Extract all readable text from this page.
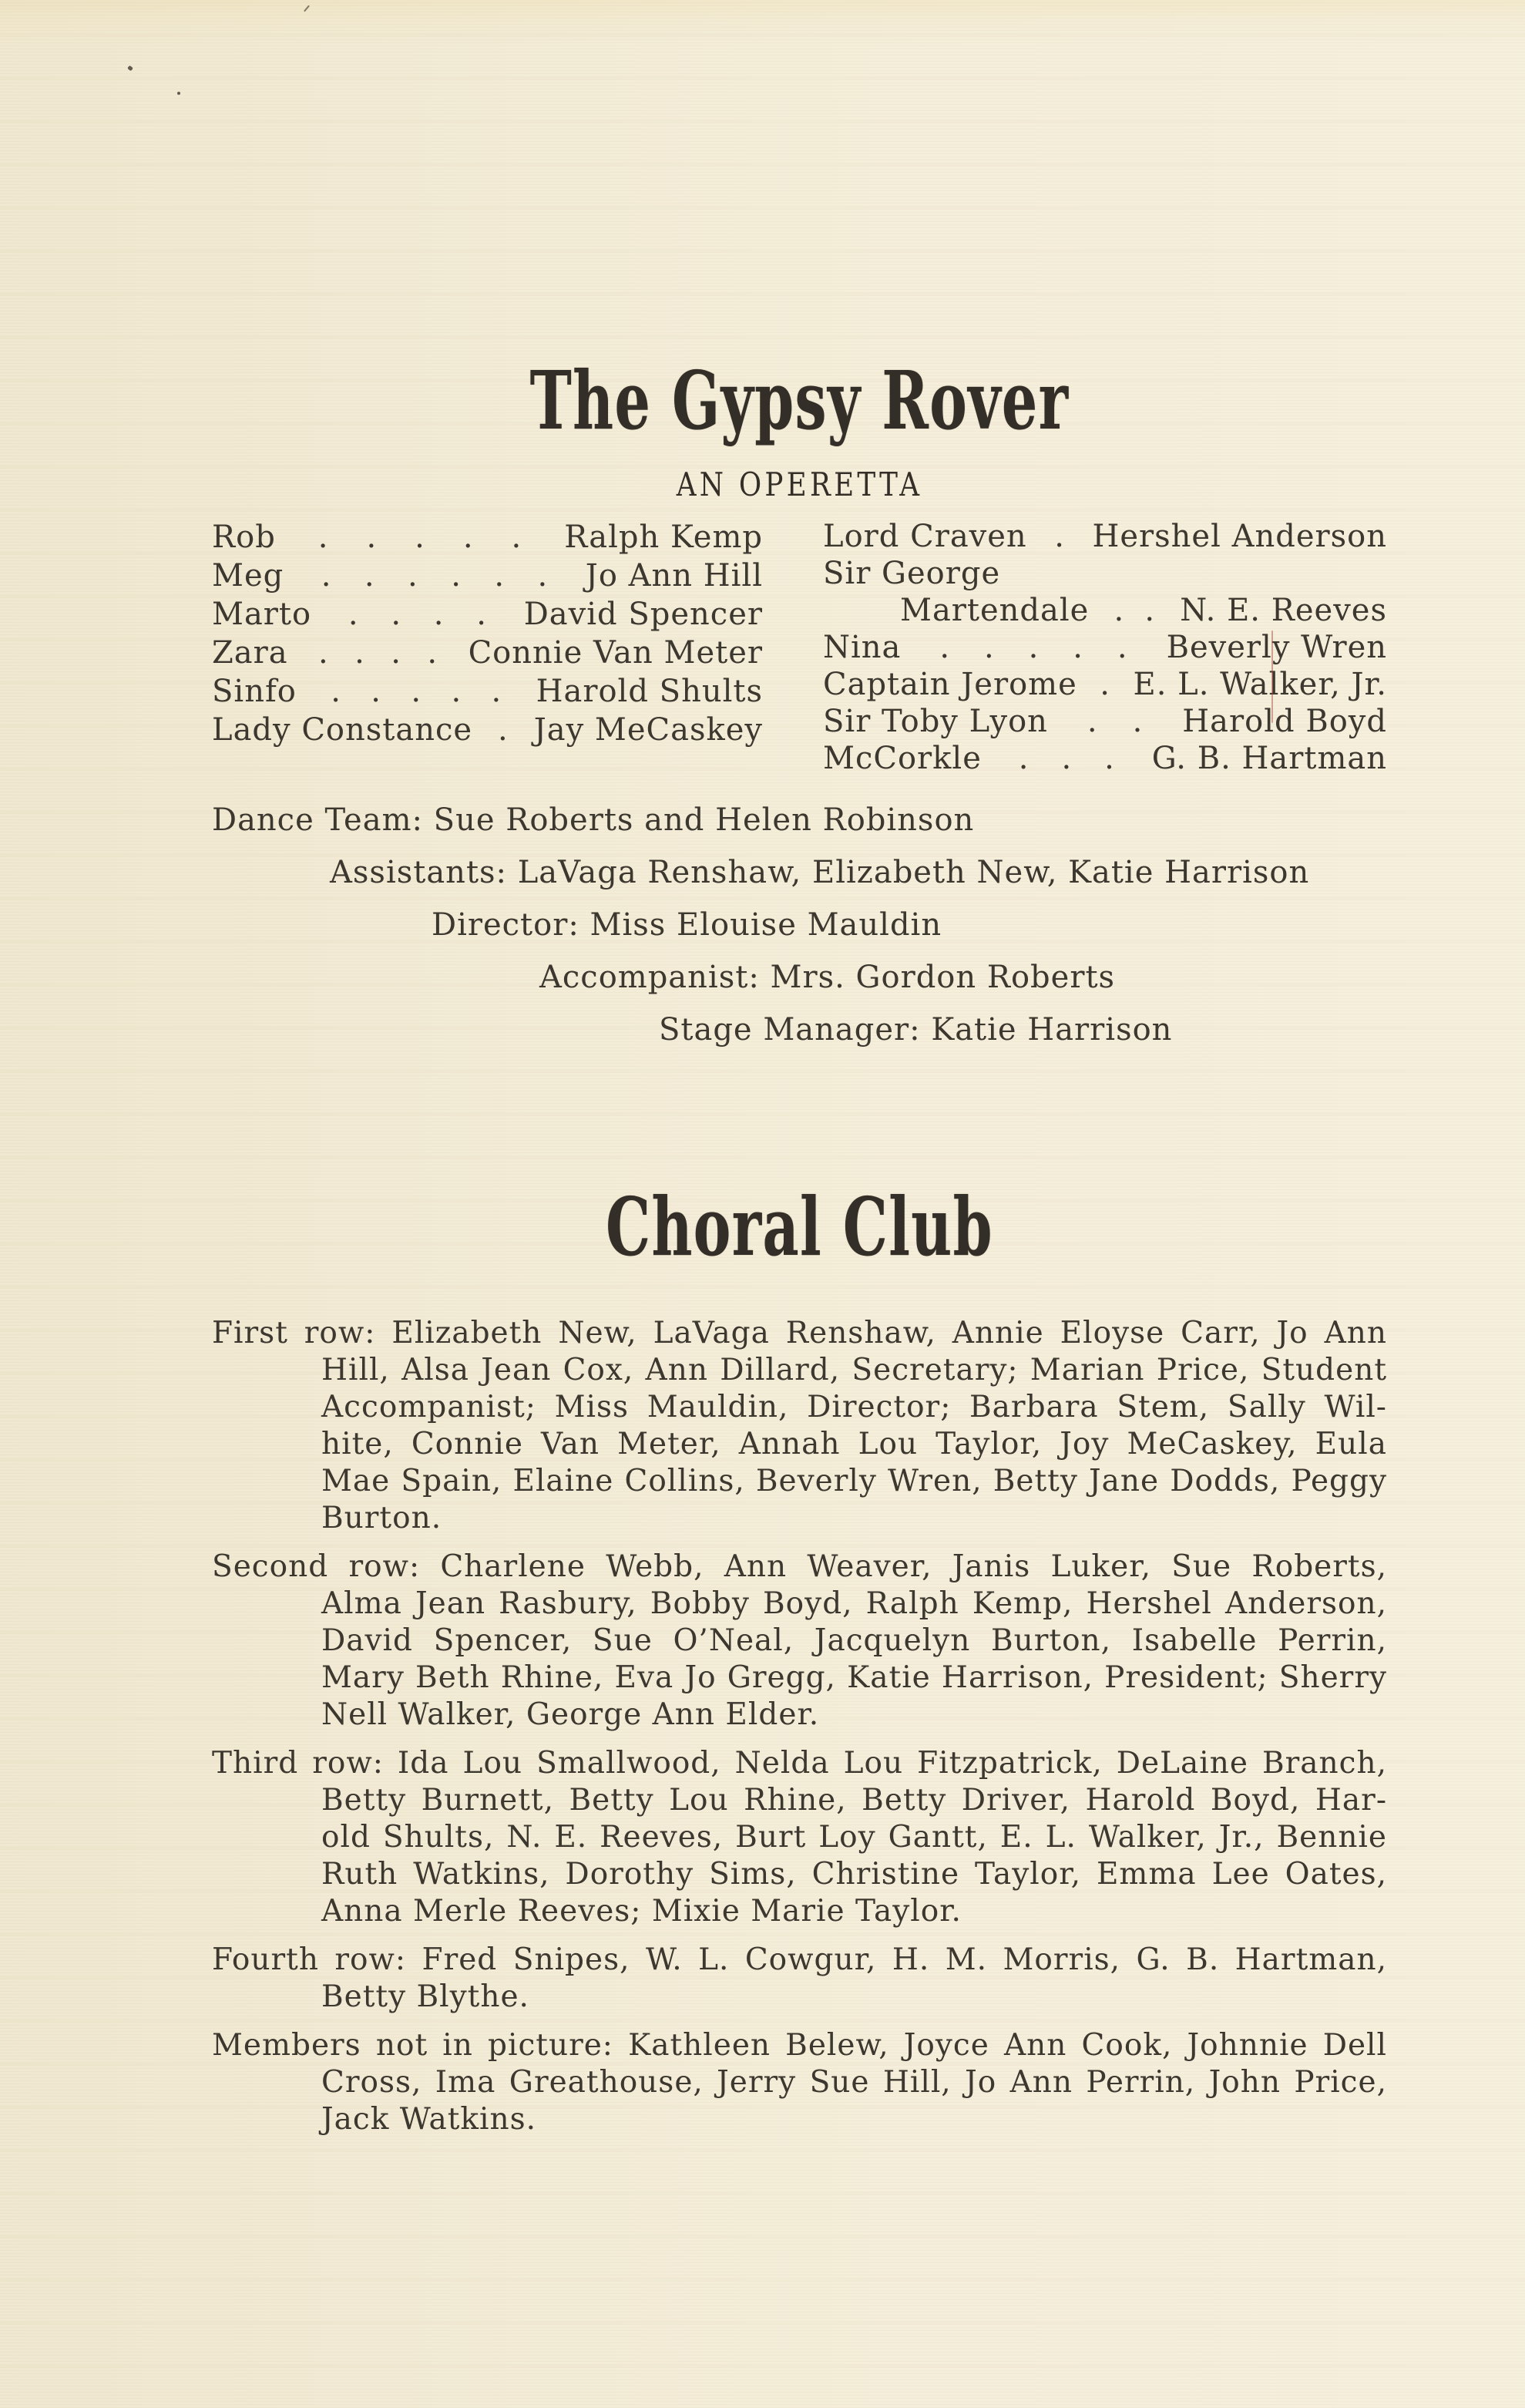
The Gypsy Rover
AN OPERETTA
Rob . . . . . Ralph Kemp
Meg . . . . . . Jo Ann Hill
Marto . . . . David Spencer
Zara . . . . Connie Van Meter
Sinfo . . . . . Harold Shults
Lady Constance . Jay MeCaskey
Lord Craven . Hershel Anderson
Sir George
Martendale . . N. E. Reeves
Nina . . . . . Beverly Wren
Captain Jerome . E. L. Walker, Jr.
Sir Toby Lyon . . Harold Boyd
McCorkle . . . G. B. Hartman
Dance Team: Sue Roberts and Helen Robinson
Assistants: LaVaga Renshaw, Elizabeth New, Katie Harrison
Director: Miss Elouise Mauldin
Accompanist: Mrs. Gordon Roberts
Stage Manager: Katie Harrison
Choral Club
First row: Elizabeth New, LaVaga Renshaw, Annie Eloyse Carr, Jo Ann
Hill, Alsa Jean Cox, Ann Dillard, Secretary; Marian Price, Student
Accompanist; Miss Mauldin, Director; Barbara Stem, Sally Wil-
hite, Connie Van Meter, Annah Lou Taylor, Joy MeCaskey, Eula
Mae Spain, Elaine Collins, Beverly Wren, Betty Jane Dodds, Peggy
Burton.
Second row: Charlene Webb, Ann Weaver, Janis Luker, Sue Roberts,
Alma Jean Rasbury, Bobby Boyd, Ralph Kemp, Hershel Anderson,
David Spencer, Sue O’Neal, Jacquelyn Burton, Isabelle Perrin,
Mary Beth Rhine, Eva Jo Gregg, Katie Harrison, President; Sherry
Nell Walker, George Ann Elder.
Third row: Ida Lou Smallwood, Nelda Lou Fitzpatrick, DeLaine Branch,
Betty Burnett, Betty Lou Rhine, Betty Driver, Harold Boyd, Har-
old Shults, N. E. Reeves, Burt Loy Gantt, E. L. Walker, Jr., Bennie
Ruth Watkins, Dorothy Sims, Christine Taylor, Emma Lee Oates,
Anna Merle Reeves; Mixie Marie Taylor.
Fourth row: Fred Snipes, W. L. Cowgur, H. M. Morris, G. B. Hartman,
Betty Blythe.
Members not in picture: Kathleen Belew, Joyce Ann Cook, Johnnie Dell
Cross, Ima Greathouse, Jerry Sue Hill, Jo Ann Perrin, John Price,
Jack Watkins.
